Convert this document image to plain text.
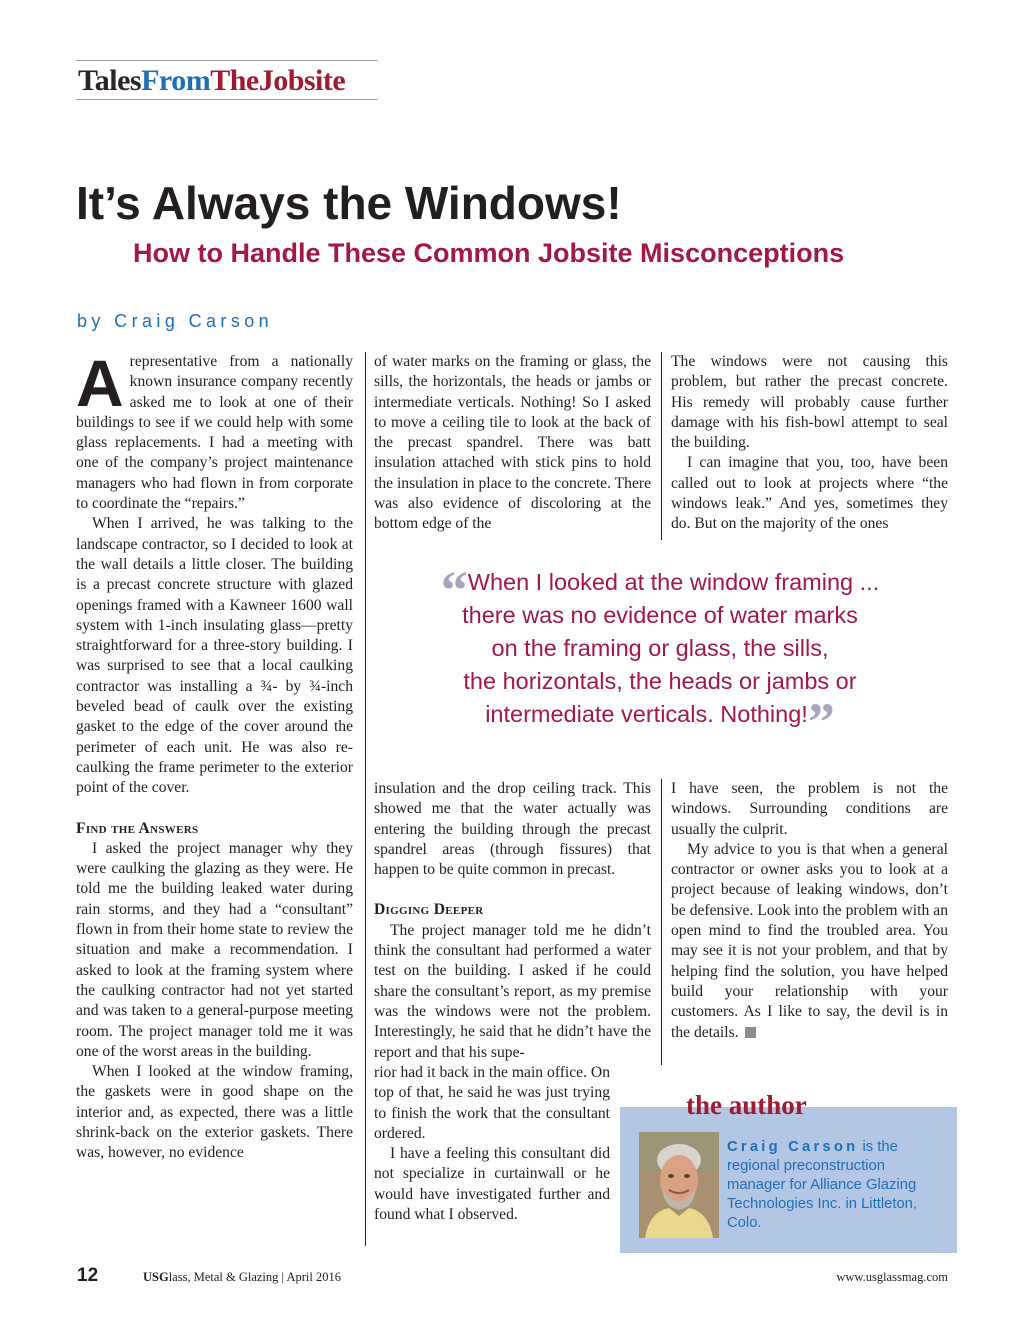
TalesFromTheJobsite
It’s Always the Windows!
How to Handle These Common Jobsite Misconceptions
by Craig Carson

Arepresentative from a nationally known insurance company recently asked me to look at one of their buildings to see if we could help with some glass replacements. I had a meeting with one of the company’s project maintenance managers who had flown in from corporate to coordinate the “repairs.”

When I arrived, he was talking to the landscape contractor, so I decided to look at the wall details a little closer. The building is a precast concrete structure with glazed openings framed with a Kawneer 1600 wall system with 1-inch insulating glass—pretty straightforward for a three-story building. I was surprised to see that a local caulking contractor was installing a ¾- by ¾-inch beveled bead of caulk over the existing gasket to the edge of the cover around the perimeter of each unit. He was also re-caulking the frame perimeter to the exterior point of the cover.

Find the Answers

I asked the project manager why they were caulking the glazing as they were. He told me the building leaked water during rain storms, and they had a “consultant” flown in from their home state to review the situation and make a recommendation. I asked to look at the framing system where the caulking contractor had not yet started and was taken to a general-purpose meeting room. The project manager told me it was one of the worst areas in the building.

When I looked at the window framing, the gaskets were in good shape on the interior and, as expected, there was a little shrink-back on the exterior gaskets. There was, however, no evidence

of water marks on the framing or glass, the sills, the horizontals, the heads or jambs or intermediate verticals. Nothing! So I asked to move a ceiling tile to look at the back of the precast spandrel. There was batt insulation attached with stick pins to hold the insulation in place to the concrete. There was also evidence of discoloring at the bottom edge of the

The windows were not causing this problem, but rather the precast concrete. His remedy will probably cause further damage with his fish-bowl attempt to seal the building.

I can imagine that you, too, have been called out to look at projects where “the windows leak.” And yes, sometimes they do. But on the majority of the ones

“When I looked at the window framing ...
there was no evidence of water marks
on the framing or glass, the sills,
the horizontals, the heads or jambs or
intermediate verticals. Nothing!”

insulation and the drop ceiling track. This showed me that the water actually was entering the building through the precast spandrel areas (through fissures) that happen to be quite common in precast.

Digging Deeper

The project manager told me he didn’t think the consultant had performed a water test on the building. I asked if he could share the consultant’s report, as my premise was the windows were not the problem. Interestingly, he said that he didn’t have the report and that his supe-

rior had it back in the main office. On top of that, he said he was just trying to finish the work that the consultant ordered.

I have a feeling this consultant did not specialize in curtainwall or he would have investigated further and found what I observed.

I have seen, the problem is not the windows. Surrounding conditions are usually the culprit.

My advice to you is that when a general contractor or owner asks you to look at a project because of leaking windows, don’t be defensive. Look into the problem with an open mind to find the troubled area. You may see it is not your problem, and that by helping find the solution, you have helped build your relationship with your customers. As I like to say, the devil is in the details.

the author
Craig Carson is the regional preconstruction manager for Alliance Glazing Technologies Inc. in Littleton, Colo.
12	USGlass, Metal & Glazing | April 2016	www.usglassmag.com
